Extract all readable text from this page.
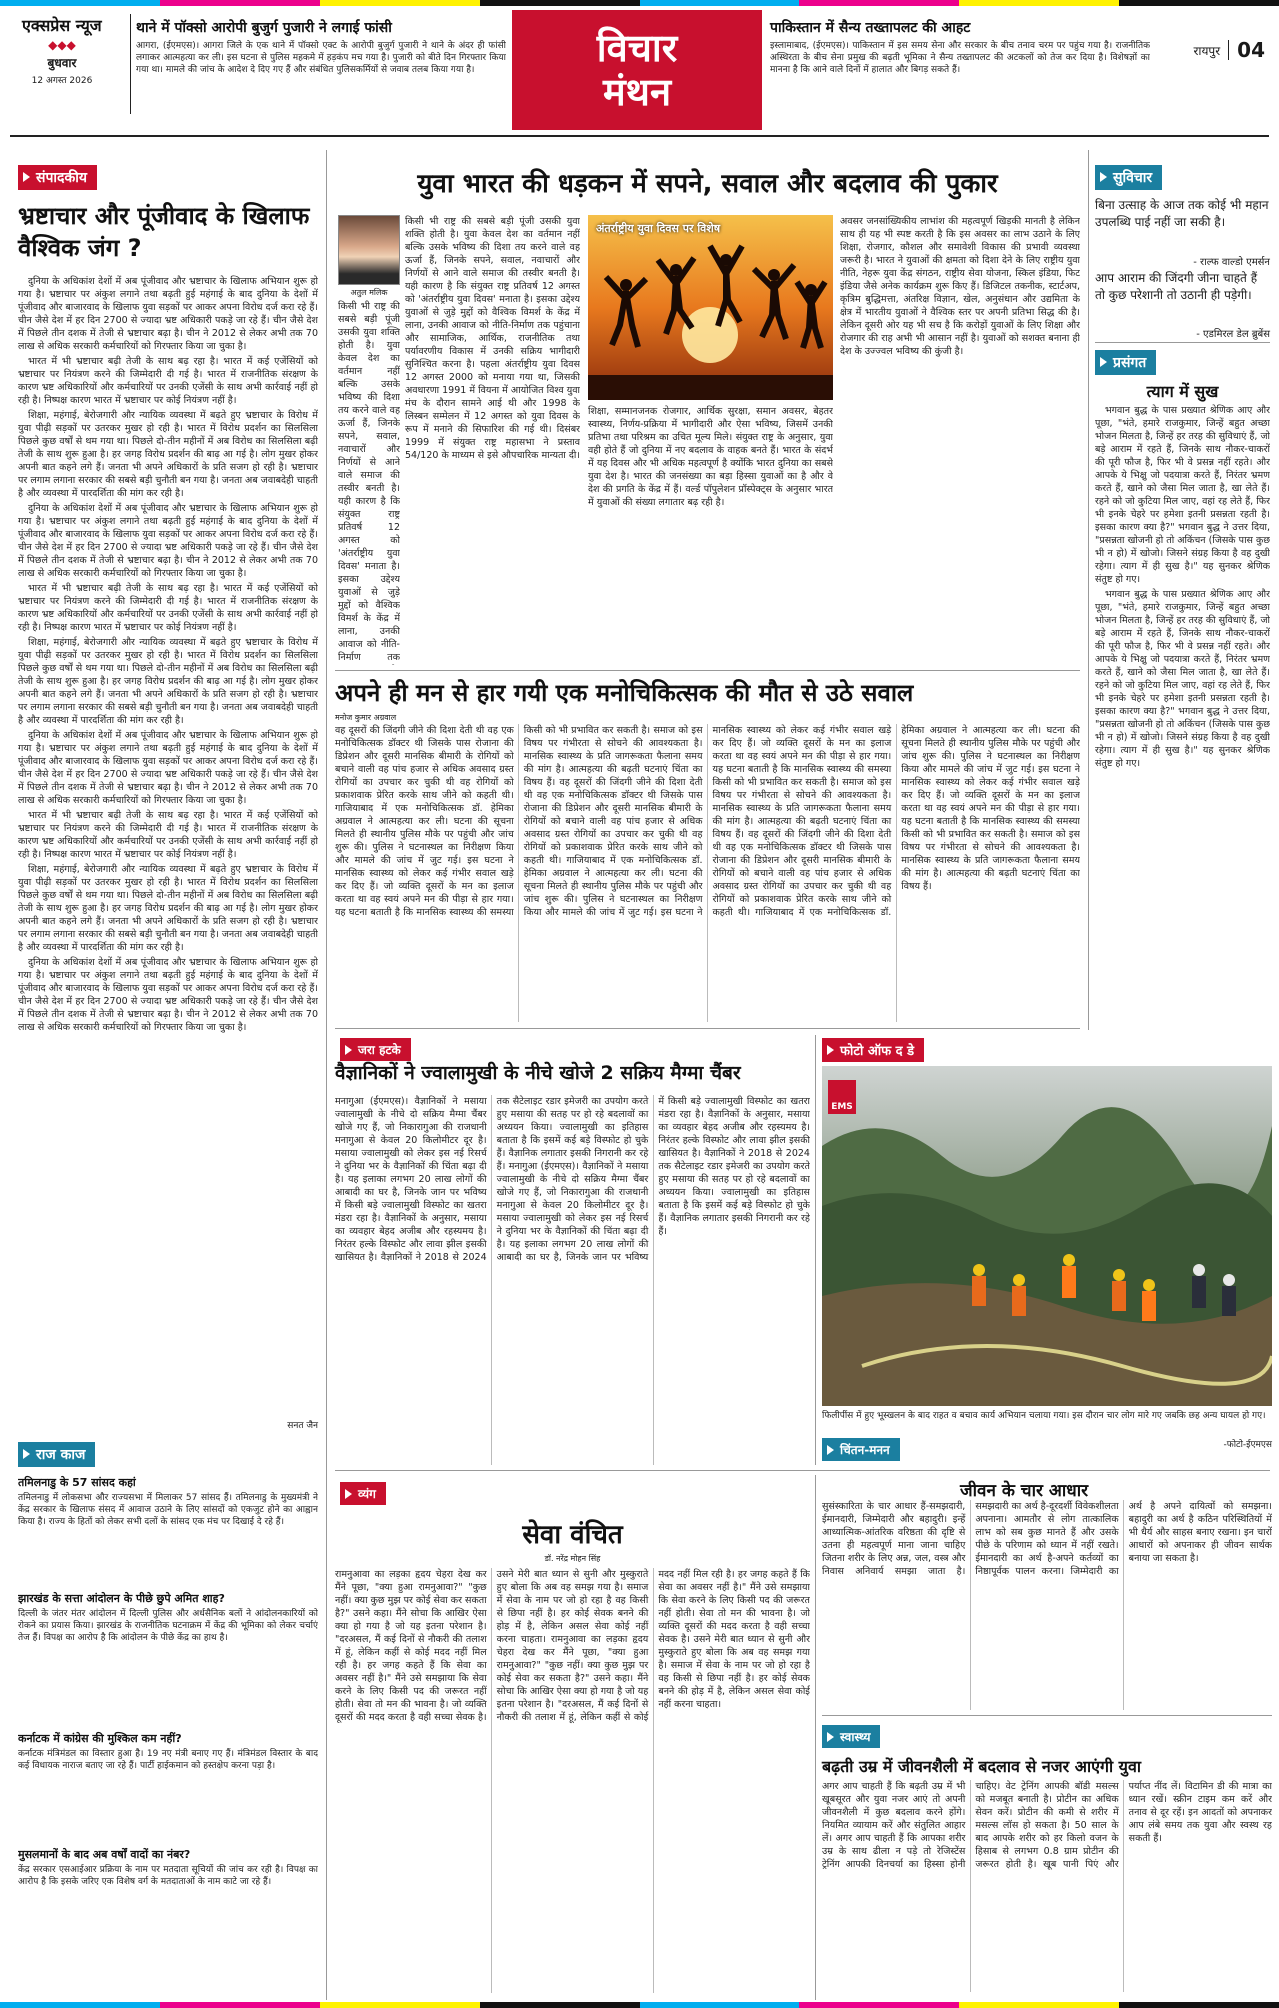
एक्सप्रेस न्यूज
◆◆◆
बुधवार
12 अगस्त 2026
थाने में पॉक्सो आरोपी बुजुर्ग पुजारी ने लगाई फांसी
आगरा, (ईएमएस)। आगरा जिले के एक थाने में पॉक्सो एक्ट के आरोपी बुजुर्ग पुजारी ने थाने के अंदर ही फांसी लगाकर आत्महत्या कर ली। इस घटना से पुलिस महकमे में हड़कंप मच गया है। पुजारी को बीते दिन गिरफ्तार किया गया था। मामले की जांच के आदेश दे दिए गए हैं और संबंधित पुलिसकर्मियों से जवाब तलब किया गया है।	विचार
मंथन
पाकिस्तान में सैन्य तख्तापलट की आहट
इस्लामाबाद, (ईएमएस)। पाकिस्तान में इस समय सेना और सरकार के बीच तनाव चरम पर पहुंच गया है। राजनीतिक अस्थिरता के बीच सेना प्रमुख की बढ़ती भूमिका ने सैन्य तख्तापलट की अटकलों को तेज कर दिया है। विशेषज्ञों का मानना है कि आने वाले दिनों में हालात और बिगड़ सकते हैं।
रायपुर 04
संपादकीय
भ्रष्टाचार और पूंजीवाद के खिलाफ वैश्विक जंग ?

दुनिया के अधिकांश देशों में अब पूंजीवाद और भ्रष्टाचार के खिलाफ अभियान शुरू हो गया है। भ्रष्टाचार पर अंकुश लगाने तथा बढ़ती हुई महंगाई के बाद दुनिया के देशों में पूंजीवाद और बाजारवाद के खिलाफ युवा सड़कों पर आकर अपना विरोध दर्ज करा रहे हैं। चीन जैसे देश में हर दिन 2700 से ज्यादा भ्रष्ट अधिकारी पकड़े जा रहे हैं। चीन जैसे देश में पिछले तीन दशक में तेजी से भ्रष्टाचार बढ़ा है। चीन ने 2012 से लेकर अभी तक 70 लाख से अधिक सरकारी कर्मचारियों को गिरफ्तार किया जा चुका है।

भारत में भी भ्रष्टाचार बढ़ी तेजी के साथ बढ़ रहा है। भारत में कई एजेंसियों को भ्रष्टाचार पर नियंत्रण करने की जिम्मेदारी दी गई है। भारत में राजनीतिक संरक्षण के कारण भ्रष्ट अधिकारियों और कर्मचारियों पर उनकी एजेंसी के साथ अभी कार्रवाई नहीं हो रही है। निष्पक्ष कारण भारत में भ्रष्टाचार पर कोई नियंत्रण नहीं है।

शिक्षा, महंगाई, बेरोजगारी और न्यायिक व्यवस्था में बढ़ते हुए भ्रष्टाचार के विरोध में युवा पीढ़ी सड़कों पर उतरकर मुखर हो रही है। भारत में विरोध प्रदर्शन का सिलसिला पिछले कुछ वर्षों से थम गया था। पिछले दो-तीन महीनों में अब विरोध का सिलसिला बढ़ी तेजी के साथ शुरू हुआ है। हर जगह विरोध प्रदर्शन की बाढ़ आ गई है। लोग मुखर होकर अपनी बात कहने लगे हैं। जनता भी अपने अधिकारों के प्रति सजग हो रही है। भ्रष्टाचार पर लगाम लगाना सरकार की सबसे बड़ी चुनौती बन गया है। जनता अब जवाबदेही चाहती है और व्यवस्था में पारदर्शिता की मांग कर रही है।

दुनिया के अधिकांश देशों में अब पूंजीवाद और भ्रष्टाचार के खिलाफ अभियान शुरू हो गया है। भ्रष्टाचार पर अंकुश लगाने तथा बढ़ती हुई महंगाई के बाद दुनिया के देशों में पूंजीवाद और बाजारवाद के खिलाफ युवा सड़कों पर आकर अपना विरोध दर्ज करा रहे हैं। चीन जैसे देश में हर दिन 2700 से ज्यादा भ्रष्ट अधिकारी पकड़े जा रहे हैं। चीन जैसे देश में पिछले तीन दशक में तेजी से भ्रष्टाचार बढ़ा है। चीन ने 2012 से लेकर अभी तक 70 लाख से अधिक सरकारी कर्मचारियों को गिरफ्तार किया जा चुका है।

भारत में भी भ्रष्टाचार बढ़ी तेजी के साथ बढ़ रहा है। भारत में कई एजेंसियों को भ्रष्टाचार पर नियंत्रण करने की जिम्मेदारी दी गई है। भारत में राजनीतिक संरक्षण के कारण भ्रष्ट अधिकारियों और कर्मचारियों पर उनकी एजेंसी के साथ अभी कार्रवाई नहीं हो रही है। निष्पक्ष कारण भारत में भ्रष्टाचार पर कोई नियंत्रण नहीं है।

शिक्षा, महंगाई, बेरोजगारी और न्यायिक व्यवस्था में बढ़ते हुए भ्रष्टाचार के विरोध में युवा पीढ़ी सड़कों पर उतरकर मुखर हो रही है। भारत में विरोध प्रदर्शन का सिलसिला पिछले कुछ वर्षों से थम गया था। पिछले दो-तीन महीनों में अब विरोध का सिलसिला बढ़ी तेजी के साथ शुरू हुआ है। हर जगह विरोध प्रदर्शन की बाढ़ आ गई है। लोग मुखर होकर अपनी बात कहने लगे हैं। जनता भी अपने अधिकारों के प्रति सजग हो रही है। भ्रष्टाचार पर लगाम लगाना सरकार की सबसे बड़ी चुनौती बन गया है। जनता अब जवाबदेही चाहती है और व्यवस्था में पारदर्शिता की मांग कर रही है।

दुनिया के अधिकांश देशों में अब पूंजीवाद और भ्रष्टाचार के खिलाफ अभियान शुरू हो गया है। भ्रष्टाचार पर अंकुश लगाने तथा बढ़ती हुई महंगाई के बाद दुनिया के देशों में पूंजीवाद और बाजारवाद के खिलाफ युवा सड़कों पर आकर अपना विरोध दर्ज करा रहे हैं। चीन जैसे देश में हर दिन 2700 से ज्यादा भ्रष्ट अधिकारी पकड़े जा रहे हैं। चीन जैसे देश में पिछले तीन दशक में तेजी से भ्रष्टाचार बढ़ा है। चीन ने 2012 से लेकर अभी तक 70 लाख से अधिक सरकारी कर्मचारियों को गिरफ्तार किया जा चुका है।

भारत में भी भ्रष्टाचार बढ़ी तेजी के साथ बढ़ रहा है। भारत में कई एजेंसियों को भ्रष्टाचार पर नियंत्रण करने की जिम्मेदारी दी गई है। भारत में राजनीतिक संरक्षण के कारण भ्रष्ट अधिकारियों और कर्मचारियों पर उनकी एजेंसी के साथ अभी कार्रवाई नहीं हो रही है। निष्पक्ष कारण भारत में भ्रष्टाचार पर कोई नियंत्रण नहीं है।

शिक्षा, महंगाई, बेरोजगारी और न्यायिक व्यवस्था में बढ़ते हुए भ्रष्टाचार के विरोध में युवा पीढ़ी सड़कों पर उतरकर मुखर हो रही है। भारत में विरोध प्रदर्शन का सिलसिला पिछले कुछ वर्षों से थम गया था। पिछले दो-तीन महीनों में अब विरोध का सिलसिला बढ़ी तेजी के साथ शुरू हुआ है। हर जगह विरोध प्रदर्शन की बाढ़ आ गई है। लोग मुखर होकर अपनी बात कहने लगे हैं। जनता भी अपने अधिकारों के प्रति सजग हो रही है। भ्रष्टाचार पर लगाम लगाना सरकार की सबसे बड़ी चुनौती बन गया है। जनता अब जवाबदेही चाहती है और व्यवस्था में पारदर्शिता की मांग कर रही है।

दुनिया के अधिकांश देशों में अब पूंजीवाद और भ्रष्टाचार के खिलाफ अभियान शुरू हो गया है। भ्रष्टाचार पर अंकुश लगाने तथा बढ़ती हुई महंगाई के बाद दुनिया के देशों में पूंजीवाद और बाजारवाद के खिलाफ युवा सड़कों पर आकर अपना विरोध दर्ज करा रहे हैं। चीन जैसे देश में हर दिन 2700 से ज्यादा भ्रष्ट अधिकारी पकड़े जा रहे हैं। चीन जैसे देश में पिछले तीन दशक में तेजी से भ्रष्टाचार बढ़ा है। चीन ने 2012 से लेकर अभी तक 70 लाख से अधिक सरकारी कर्मचारियों को गिरफ्तार किया जा चुका है।

सनत जैन
राज काज
तमिलनाडु के 57 सांसद कहां
तमिलनाडु में लोकसभा और राज्यसभा में मिलाकर 57 सांसद हैं। तमिलनाडु के मुख्यमंत्री ने केंद्र सरकार के खिलाफ संसद में आवाज उठाने के लिए सांसदों को एकजुट होने का आह्वान किया है। राज्य के हितों को लेकर सभी दलों के सांसद एक मंच पर दिखाई दे रहे हैं।
झारखंड के सत्ता आंदोलन के पीछे छुपे अमित शाह?
दिल्ली के जंतर मंतर आंदोलन में दिल्ली पुलिस और अर्धसैनिक बलों ने आंदोलनकारियों को रोकने का प्रयास किया। झारखंड के राजनीतिक घटनाक्रम में केंद्र की भूमिका को लेकर चर्चाएं तेज हैं। विपक्ष का आरोप है कि आंदोलन के पीछे केंद्र का हाथ है।
कर्नाटक में कांग्रेस की मुश्किल कम नहीं?
कर्नाटक मंत्रिमंडल का विस्तार हुआ है। 19 नए मंत्री बनाए गए हैं। मंत्रिमंडल विस्तार के बाद कई विधायक नाराज बताए जा रहे हैं। पार्टी हाईकमान को हस्तक्षेप करना पड़ा है।
मुसलमानों के बाद अब वर्षों वादों का नंबर?
केंद्र सरकार एसआईआर प्रक्रिया के नाम पर मतदाता सूचियों की जांच कर रही है। विपक्ष का आरोप है कि इसके जरिए एक विशेष वर्ग के मतदाताओं के नाम काटे जा रहे हैं।
युवा भारत की धड़कन में सपने, सवाल और बदलाव की पुकार
अतुल मलिक
किसी भी राष्ट्र की सबसे बड़ी पूंजी उसकी युवा शक्ति होती है। युवा केवल देश का वर्तमान नहीं बल्कि उसके भविष्य की दिशा तय करने वाले वह ऊर्जा हैं, जिनके सपने, सवाल, नवाचारों और निर्णयों से आने वाले समाज की तस्वीर बनती है। यही कारण है कि संयुक्त राष्ट्र प्रतिवर्ष 12 अगस्त को 'अंतर्राष्ट्रीय युवा दिवस' मनाता है। इसका उद्देश्य युवाओं से जुड़े मुद्दों को वैश्विक विमर्श के केंद्र में लाना, उनकी आवाज को नीति-निर्माण तक पहुंचाना और सामाजिक, आर्थिक, राजनीतिक तथा पर्यावरणीय विकास में उनकी सक्रिय भागीदारी सुनिश्चित करना है। पहला अंतर्राष्ट्रीय युवा दिवस 12 अगस्त 2000 को मनाया गया था, जिसकी अवधारणा 1991 में वियना में आयोजित विश्व युवा मंच के दौरान सामने आई थी और 1998 के लिस्बन सम्मेलन में 12 अगस्त को युवा दिवस के रूप में मनाने की सिफारिश की गई थी। दिसंबर 1999 में संयुक्त राष्ट्र महासभा ने प्रस्ताव 54/120 के माध्यम से इसे औपचारिक मान्यता दी।
किसी भी राष्ट्र की सबसे बड़ी पूंजी उसकी युवा शक्ति होती है। युवा केवल देश का वर्तमान नहीं बल्कि उसके भविष्य की दिशा तय करने वाले वह ऊर्जा हैं, जिनके सपने, सवाल, नवाचारों और निर्णयों से आने वाले समाज की तस्वीर बनती है। यही कारण है कि संयुक्त राष्ट्र प्रतिवर्ष 12 अगस्त को 'अंतर्राष्ट्रीय युवा दिवस' मनाता है। इसका उद्देश्य युवाओं से जुड़े मुद्दों को वैश्विक विमर्श के केंद्र में लाना, उनकी आवाज को नीति-निर्माण तक
अंतर्राष्ट्रीय युवा दिवस पर विशेष
शिक्षा, सम्मानजनक रोजगार, आर्थिक सुरक्षा, समान अवसर, बेहतर स्वास्थ्य, निर्णय-प्रक्रिया में भागीदारी और ऐसा भविष्य, जिसमें उनकी प्रतिभा तथा परिश्रम का उचित मूल्य मिले। संयुक्त राष्ट्र के अनुसार, युवा वही होते हैं जो दुनिया में नए बदलाव के वाहक बनते हैं। भारत के संदर्भ में यह दिवस और भी अधिक महत्वपूर्ण है क्योंकि भारत दुनिया का सबसे युवा देश है। भारत की जनसंख्या का बड़ा हिस्सा युवाओं का है और वे देश की प्रगति के केंद्र में हैं। वर्ल्ड पॉपुलेशन प्रॉस्पेक्ट्स के अनुसार भारत में युवाओं की संख्या लगातार बढ़ रही है।
अवसर जनसांख्यिकीय लाभांश की महत्वपूर्ण खिड़की मानती है लेकिन साथ ही यह भी स्पष्ट करती है कि इस अवसर का लाभ उठाने के लिए शिक्षा, रोजगार, कौशल और समावेशी विकास की प्रभावी व्यवस्था जरूरी है। भारत ने युवाओं की क्षमता को दिशा देने के लिए राष्ट्रीय युवा नीति, नेहरू युवा केंद्र संगठन, राष्ट्रीय सेवा योजना, स्किल इंडिया, फिट इंडिया जैसे अनेक कार्यक्रम शुरू किए हैं। डिजिटल तकनीक, स्टार्टअप, कृत्रिम बुद्धिमत्ता, अंतरिक्ष विज्ञान, खेल, अनुसंधान और उद्यमिता के क्षेत्र में भारतीय युवाओं ने वैश्विक स्तर पर अपनी प्रतिभा सिद्ध की है। लेकिन दूसरी ओर यह भी सच है कि करोड़ों युवाओं के लिए शिक्षा और रोजगार की राह अभी भी आसान नहीं है। युवाओं को सशक्त बनाना ही देश के उज्ज्वल भविष्य की कुंजी है।
अपने ही मन से हार गयी एक मनोचिकित्सक की मौत से उठे सवाल
मनोज कुमार अग्रवाल
वह दूसरों की जिंदगी जीने की दिशा देती थी वह एक मनोचिकित्सक डॉक्टर थी जिसके पास रोजाना की डिप्रेशन और दूसरी मानसिक बीमारी के रोगियों को बचाने वाली वह पांच हजार से अधिक अवसाद ग्रस्त रोगियों का उपचार कर चुकी थी वह रोगियों को प्रकाशवाक प्रेरित करके साथ जीने को कहती थी। गाजियाबाद में एक मनोचिकित्सक डॉ. हेमिका अग्रवाल ने आत्महत्या कर ली। घटना की सूचना मिलते ही स्थानीय पुलिस मौके पर पहुंची और जांच शुरू की। पुलिस ने घटनास्थल का निरीक्षण किया और मामले की जांच में जुट गई। इस घटना ने मानसिक स्वास्थ्य को लेकर कई गंभीर सवाल खड़े कर दिए हैं। जो व्यक्ति दूसरों के मन का इलाज करता था वह स्वयं अपने मन की पीड़ा से हार गया। यह घटना बताती है कि मानसिक स्वास्थ्य की समस्या किसी को भी प्रभावित कर सकती है। समाज को इस विषय पर गंभीरता से सोचने की आवश्यकता है। मानसिक स्वास्थ्य के प्रति जागरूकता फैलाना समय की मांग है। आत्महत्या की बढ़ती घटनाएं चिंता का विषय हैं। वह दूसरों की जिंदगी जीने की दिशा देती थी वह एक मनोचिकित्सक डॉक्टर थी जिसके पास रोजाना की डिप्रेशन और दूसरी मानसिक बीमारी के रोगियों को बचाने वाली वह पांच हजार से अधिक अवसाद ग्रस्त रोगियों का उपचार कर चुकी थी वह रोगियों को प्रकाशवाक प्रेरित करके साथ जीने को कहती थी। गाजियाबाद में एक मनोचिकित्सक डॉ. हेमिका अग्रवाल ने आत्महत्या कर ली। घटना की सूचना मिलते ही स्थानीय पुलिस मौके पर पहुंची और जांच शुरू की। पुलिस ने घटनास्थल का निरीक्षण किया और मामले की जांच में जुट गई। इस घटना ने मानसिक स्वास्थ्य को लेकर कई गंभीर सवाल खड़े कर दिए हैं। जो व्यक्ति दूसरों के मन का इलाज करता था वह स्वयं अपने मन की पीड़ा से हार गया। यह घटना बताती है कि मानसिक स्वास्थ्य की समस्या किसी को भी प्रभावित कर सकती है। समाज को इस विषय पर गंभीरता से सोचने की आवश्यकता है। मानसिक स्वास्थ्य के प्रति जागरूकता फैलाना समय की मांग है। आत्महत्या की बढ़ती घटनाएं चिंता का विषय हैं। वह दूसरों की जिंदगी जीने की दिशा देती थी वह एक मनोचिकित्सक डॉक्टर थी जिसके पास रोजाना की डिप्रेशन और दूसरी मानसिक बीमारी के रोगियों को बचाने वाली वह पांच हजार से अधिक अवसाद ग्रस्त रोगियों का उपचार कर चुकी थी वह रोगियों को प्रकाशवाक प्रेरित करके साथ जीने को कहती थी। गाजियाबाद में एक मनोचिकित्सक डॉ. हेमिका अग्रवाल ने आत्महत्या कर ली। घटना की सूचना मिलते ही स्थानीय पुलिस मौके पर पहुंची और जांच शुरू की। पुलिस ने घटनास्थल का निरीक्षण किया और मामले की जांच में जुट गई। इस घटना ने मानसिक स्वास्थ्य को लेकर कई गंभीर सवाल खड़े कर दिए हैं। जो व्यक्ति दूसरों के मन का इलाज करता था वह स्वयं अपने मन की पीड़ा से हार गया। यह घटना बताती है कि मानसिक स्वास्थ्य की समस्या किसी को भी प्रभावित कर सकती है। समाज को इस विषय पर गंभीरता से सोचने की आवश्यकता है। मानसिक स्वास्थ्य के प्रति जागरूकता फैलाना समय की मांग है। आत्महत्या की बढ़ती घटनाएं चिंता का विषय हैं।
जरा हटके
वैज्ञानिकों ने ज्वालामुखी के नीचे खोजे 2 सक्रिय मैग्मा चैंबर
मनागुआ (ईएमएस)। वैज्ञानिकों ने मसाया ज्वालामुखी के नीचे दो सक्रिय मैग्मा चैंबर खोजे गए हैं, जो निकारागुआ की राजधानी मनागुआ से केवल 20 किलोमीटर दूर है। मसाया ज्वालामुखी को लेकर इस नई रिसर्च ने दुनिया भर के वैज्ञानिकों की चिंता बढ़ा दी है। यह इलाका लगभग 20 लाख लोगों की आबादी का घर है, जिनके जान पर भविष्य में किसी बड़े ज्वालामुखी विस्फोट का खतरा मंडरा रहा है। वैज्ञानिकों के अनुसार, मसाया का व्यवहार बेहद अजीब और रहस्यमय है। निरंतर हल्के विस्फोट और लावा झील इसकी खासियत है। वैज्ञानिकों ने 2018 से 2024 तक सैटेलाइट रडार इमेजरी का उपयोग करते हुए मसाया की सतह पर हो रहे बदलावों का अध्ययन किया। ज्वालामुखी का इतिहास बताता है कि इसमें कई बड़े विस्फोट हो चुके हैं। वैज्ञानिक लगातार इसकी निगरानी कर रहे हैं। मनागुआ (ईएमएस)। वैज्ञानिकों ने मसाया ज्वालामुखी के नीचे दो सक्रिय मैग्मा चैंबर खोजे गए हैं, जो निकारागुआ की राजधानी मनागुआ से केवल 20 किलोमीटर दूर है। मसाया ज्वालामुखी को लेकर इस नई रिसर्च ने दुनिया भर के वैज्ञानिकों की चिंता बढ़ा दी है। यह इलाका लगभग 20 लाख लोगों की आबादी का घर है, जिनके जान पर भविष्य में किसी बड़े ज्वालामुखी विस्फोट का खतरा मंडरा रहा है। वैज्ञानिकों के अनुसार, मसाया का व्यवहार बेहद अजीब और रहस्यमय है। निरंतर हल्के विस्फोट और लावा झील इसकी खासियत है। वैज्ञानिकों ने 2018 से 2024 तक सैटेलाइट रडार इमेजरी का उपयोग करते हुए मसाया की सतह पर हो रहे बदलावों का अध्ययन किया। ज्वालामुखी का इतिहास बताता है कि इसमें कई बड़े विस्फोट हो चुके हैं। वैज्ञानिक लगातार इसकी निगरानी कर रहे हैं।
फोटो ऑफ द डे
EMS
फिलीपींस में हुए भूस्खलन के बाद राहत व बचाव कार्य अभियान चलाया गया। इस दौरान चार लोग मारे गए जबकि छह अन्य घायल हो गए।
-फोटो-ईएमएस
व्यंग
सेवा वंचित
डॉ. नरेंद्र मोहन सिंह
रामनुआवा का लड़का हृदय चेहरा देख कर मैंने पूछा, "क्या हुआ रामनुआवा?" "कुछ नहीं। क्या कुछ मुझ पर कोई सेवा कर सकता है?" उसने कहा। मैंने सोचा कि आखिर ऐसा क्या हो गया है जो यह इतना परेशान है। "दरअसल, मैं कई दिनों से नौकरी की तलाश में हूं, लेकिन कहीं से कोई मदद नहीं मिल रही है। हर जगह कहते हैं कि सेवा का अवसर नहीं है।" मैंने उसे समझाया कि सेवा करने के लिए किसी पद की जरूरत नहीं होती। सेवा तो मन की भावना है। जो व्यक्ति दूसरों की मदद करता है वही सच्चा सेवक है। उसने मेरी बात ध्यान से सुनी और मुस्कुराते हुए बोला कि अब वह समझ गया है। समाज में सेवा के नाम पर जो हो रहा है वह किसी से छिपा नहीं है। हर कोई सेवक बनने की होड़ में है, लेकिन असल सेवा कोई नहीं करना चाहता। रामनुआवा का लड़का हृदय चेहरा देख कर मैंने पूछा, "क्या हुआ रामनुआवा?" "कुछ नहीं। क्या कुछ मुझ पर कोई सेवा कर सकता है?" उसने कहा। मैंने सोचा कि आखिर ऐसा क्या हो गया है जो यह इतना परेशान है। "दरअसल, मैं कई दिनों से नौकरी की तलाश में हूं, लेकिन कहीं से कोई मदद नहीं मिल रही है। हर जगह कहते हैं कि सेवा का अवसर नहीं है।" मैंने उसे समझाया कि सेवा करने के लिए किसी पद की जरूरत नहीं होती। सेवा तो मन की भावना है। जो व्यक्ति दूसरों की मदद करता है वही सच्चा सेवक है। उसने मेरी बात ध्यान से सुनी और मुस्कुराते हुए बोला कि अब वह समझ गया है। समाज में सेवा के नाम पर जो हो रहा है वह किसी से छिपा नहीं है। हर कोई सेवक बनने की होड़ में है, लेकिन असल सेवा कोई नहीं करना चाहता।
चिंतन-मनन
जीवन के चार आधार
सुसंस्कारिता के चार आधार हैं-समझदारी, ईमानदारी, जिम्मेदारी और बहादुरी। इन्हें आध्यात्मिक-आंतरिक वरिष्ठता की दृष्टि से उतना ही महत्वपूर्ण माना जाना चाहिए जितना शरीर के लिए अन्न, जल, वस्त्र और निवास अनिवार्य समझा जाता है। समझदारी का अर्थ है-दूरदर्शी विवेकशीलता अपनाना। आमतौर से लोग तात्कालिक लाभ को सब कुछ मानते हैं और उसके पीछे के परिणाम को ध्यान में नहीं रखते। ईमानदारी का अर्थ है-अपने कर्तव्यों का निष्ठापूर्वक पालन करना। जिम्मेदारी का अर्थ है अपने दायित्वों को समझना। बहादुरी का अर्थ है कठिन परिस्थितियों में भी धैर्य और साहस बनाए रखना। इन चारों आधारों को अपनाकर ही जीवन सार्थक बनाया जा सकता है।
स्वास्थ्य
बढ़ती उम्र में जीवनशैली में बदलाव से नजर आएंगी युवा
अगर आप चाहती हैं कि बढ़ती उम्र में भी खूबसूरत और युवा नजर आएं तो अपनी जीवनशैली में कुछ बदलाव करने होंगे। नियमित व्यायाम करें और संतुलित आहार लें। अगर आप चाहती हैं कि आपका शरीर उम्र के साथ ढीला न पड़े तो रेजिस्टेंस ट्रेनिंग आपकी दिनचर्या का हिस्सा होनी चाहिए। वेट ट्रेनिंग आपकी बॉडी मसल्स को मजबूत बनाती है। प्रोटीन का अधिक सेवन करें। प्रोटीन की कमी से शरीर में मसल्स लॉस हो सकता है। 50 साल के बाद आपके शरीर को हर किलो वजन के हिसाब से लगभग 0.8 ग्राम प्रोटीन की जरूरत होती है। खूब पानी पिएं और पर्याप्त नींद लें। विटामिन डी की मात्रा का ध्यान रखें। स्क्रीन टाइम कम करें और तनाव से दूर रहें। इन आदतों को अपनाकर आप लंबे समय तक युवा और स्वस्थ रह सकती हैं।
सुविचार
बिना उत्साह के आज तक कोई भी महान उपलब्धि पाई नहीं जा सकी है।
- राल्फ वाल्डो एमर्सन
आप आराम की जिंदगी जीना चाहते हैं तो कुछ परेशानी तो उठानी ही पड़ेगी।
- एडमिरल डेल ब्रुबेंस
प्रसंगत
त्याग में सुख

भगवान बुद्ध के पास प्रख्यात श्रेणिक आए और पूछा, "भंते, हमारे राजकुमार, जिन्हें बहुत अच्छा भोजन मिलता है, जिन्हें हर तरह की सुविधाएं हैं, जो बड़े आराम में रहते हैं, जिनके साथ नौकर-चाकरों की पूरी फौज है, फिर भी वे प्रसन्न नहीं रहते। और आपके ये भिक्षु जो पदयात्रा करते हैं, निरंतर भ्रमण करते हैं, खाने को जैसा मिल जाता है, खा लेते हैं। रहने को जो कुटिया मिल जाए, वहां रह लेते हैं, फिर भी इनके चेहरे पर हमेशा इतनी प्रसन्नता रहती है। इसका कारण क्या है?" भगवान बुद्ध ने उत्तर दिया, "प्रसन्नता खोजनी हो तो अकिंचन (जिसके पास कुछ भी न हो) में खोजो। जिसने संग्रह किया है वह दुखी रहेगा। त्याग में ही सुख है।" यह सुनकर श्रेणिक संतुष्ट हो गए।

भगवान बुद्ध के पास प्रख्यात श्रेणिक आए और पूछा, "भंते, हमारे राजकुमार, जिन्हें बहुत अच्छा भोजन मिलता है, जिन्हें हर तरह की सुविधाएं हैं, जो बड़े आराम में रहते हैं, जिनके साथ नौकर-चाकरों की पूरी फौज है, फिर भी वे प्रसन्न नहीं रहते। और आपके ये भिक्षु जो पदयात्रा करते हैं, निरंतर भ्रमण करते हैं, खाने को जैसा मिल जाता है, खा लेते हैं। रहने को जो कुटिया मिल जाए, वहां रह लेते हैं, फिर भी इनके चेहरे पर हमेशा इतनी प्रसन्नता रहती है। इसका कारण क्या है?" भगवान बुद्ध ने उत्तर दिया, "प्रसन्नता खोजनी हो तो अकिंचन (जिसके पास कुछ भी न हो) में खोजो। जिसने संग्रह किया है वह दुखी रहेगा। त्याग में ही सुख है।" यह सुनकर श्रेणिक संतुष्ट हो गए।
